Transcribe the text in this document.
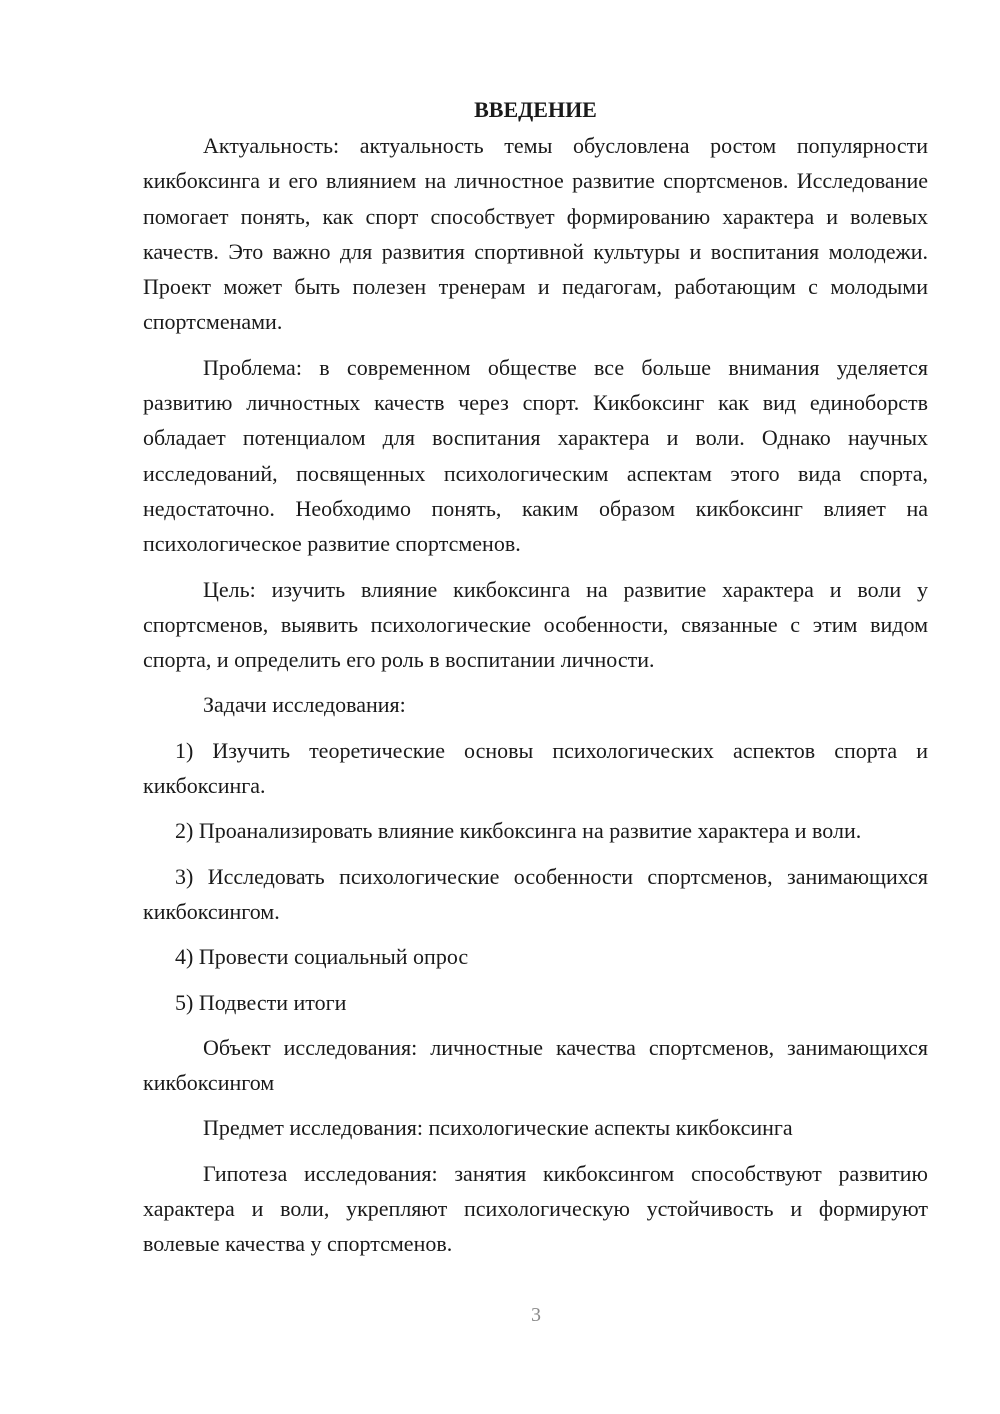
ВВЕДЕНИЕ

Актуальность: актуальность темы обусловлена ростом популярности кикбоксинга и его влиянием на личностное развитие спортсменов. Исследование помогает понять, как спорт способствует формированию характера и волевых качеств. Это важно для развития спортивной культуры и воспитания молодежи. Проект может быть полезен тренерам и педагогам, работающим с молодыми спортсменами.

Проблема: в современном обществе все больше внимания уделяется развитию личностных качеств через спорт. Кикбоксинг как вид единоборств обладает потенциалом для воспитания характера и воли. Однако научных исследований, посвященных психологическим аспектам этого вида спорта, недостаточно. Необходимо понять, каким образом кикбоксинг влияет на психологическое развитие спортсменов.

Цель: изучить влияние кикбоксинга на развитие характера и воли у спортсменов, выявить психологические особенности, связанные с этим видом спорта, и определить его роль в воспитании личности.

Задачи исследования:

1) Изучить теоретические основы психологических аспектов спорта и кикбоксинга.

2) Проанализировать влияние кикбоксинга на развитие характера и воли.

3) Исследовать психологические особенности спортсменов, занимающихся кикбоксингом.

4) Провести социальный опрос

5) Подвести итоги

Объект исследования: личностные качества спортсменов, занимающихся кикбоксингом

Предмет исследования: психологические аспекты кикбоксинга

Гипотеза исследования: занятия кикбоксингом способствуют развитию характера и воли, укрепляют психологическую устойчивость и формируют волевые качества у спортсменов.

3
